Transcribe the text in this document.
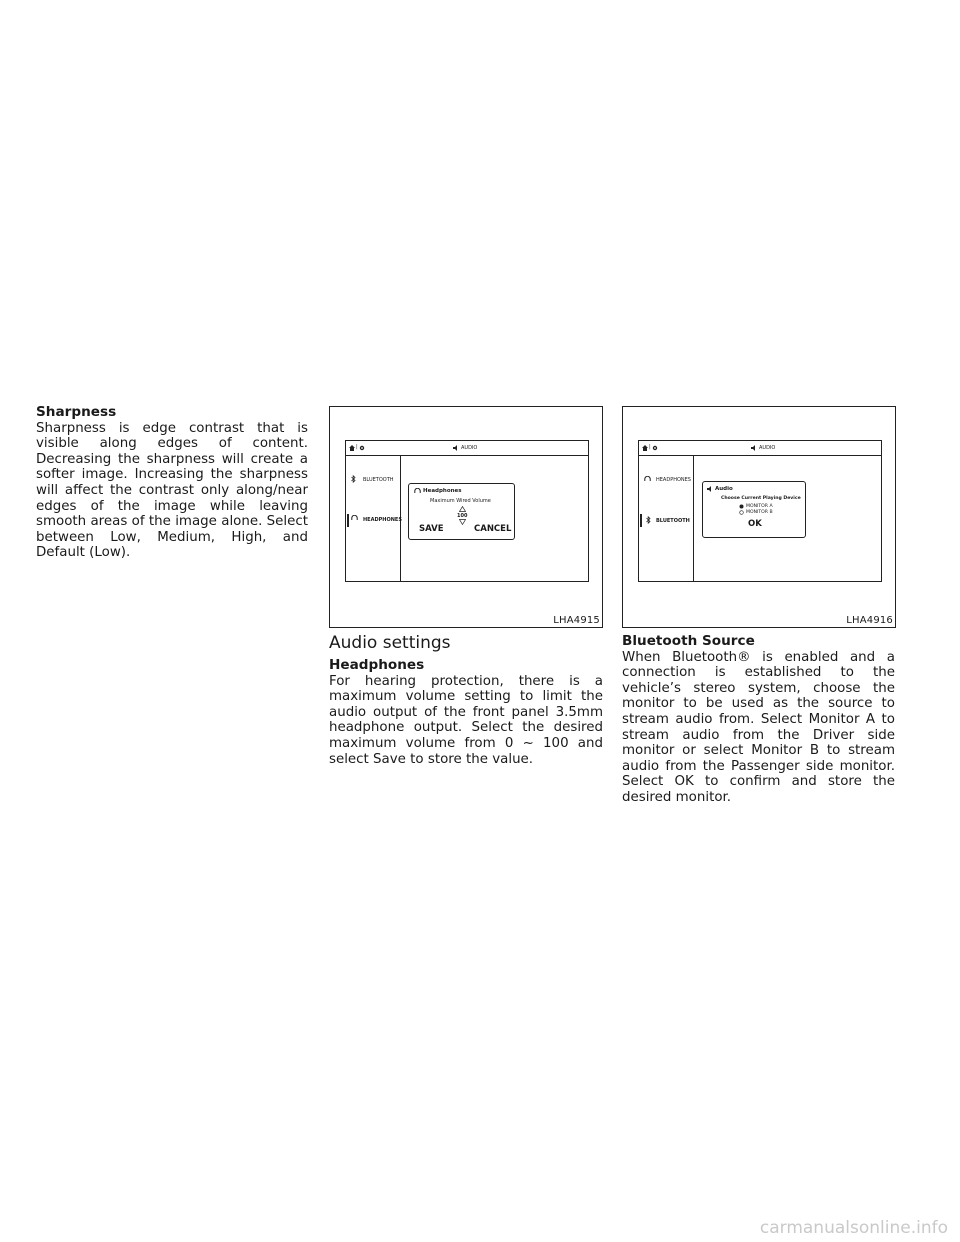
Sharpness

Sharpness is edge contrast that is visible along edges of content. Decreasing the sharpness will create a softer image. Increasing the sharpness will affect the contrast only along/near edges of the image while leaving smooth areas of the image alone. Select between Low, Medium, High, and Default (Low).

|	AUDIO
BLUETOOTH
HEADPHONES
Headphones
Maximum Wired Volume
100
SAVE	CANCEL
LHA4915
|	AUDIO
HEADPHONES
BLUETOOTH
Audio
Choose Current Playing Device
MONITOR A
MONITOR B
OK
LHA4916
Audio settings

Headphones

For hearing protection, there is a maximum volume setting to limit the audio output of the front panel 3.5mm headphone output. Select the desired maximum volume from 0 ~ 100 and select Save to store the value.

Bluetooth Source

When Bluetooth® is enabled and a connection is established to the vehicle’s stereo system, choose the monitor to be used as the source to stream audio from. Select Monitor A to stream audio from the Driver side monitor or select Monitor B to stream audio from the Passenger side monitor. Select OK to confirm and store the desired monitor.

carmanualsonline.info
